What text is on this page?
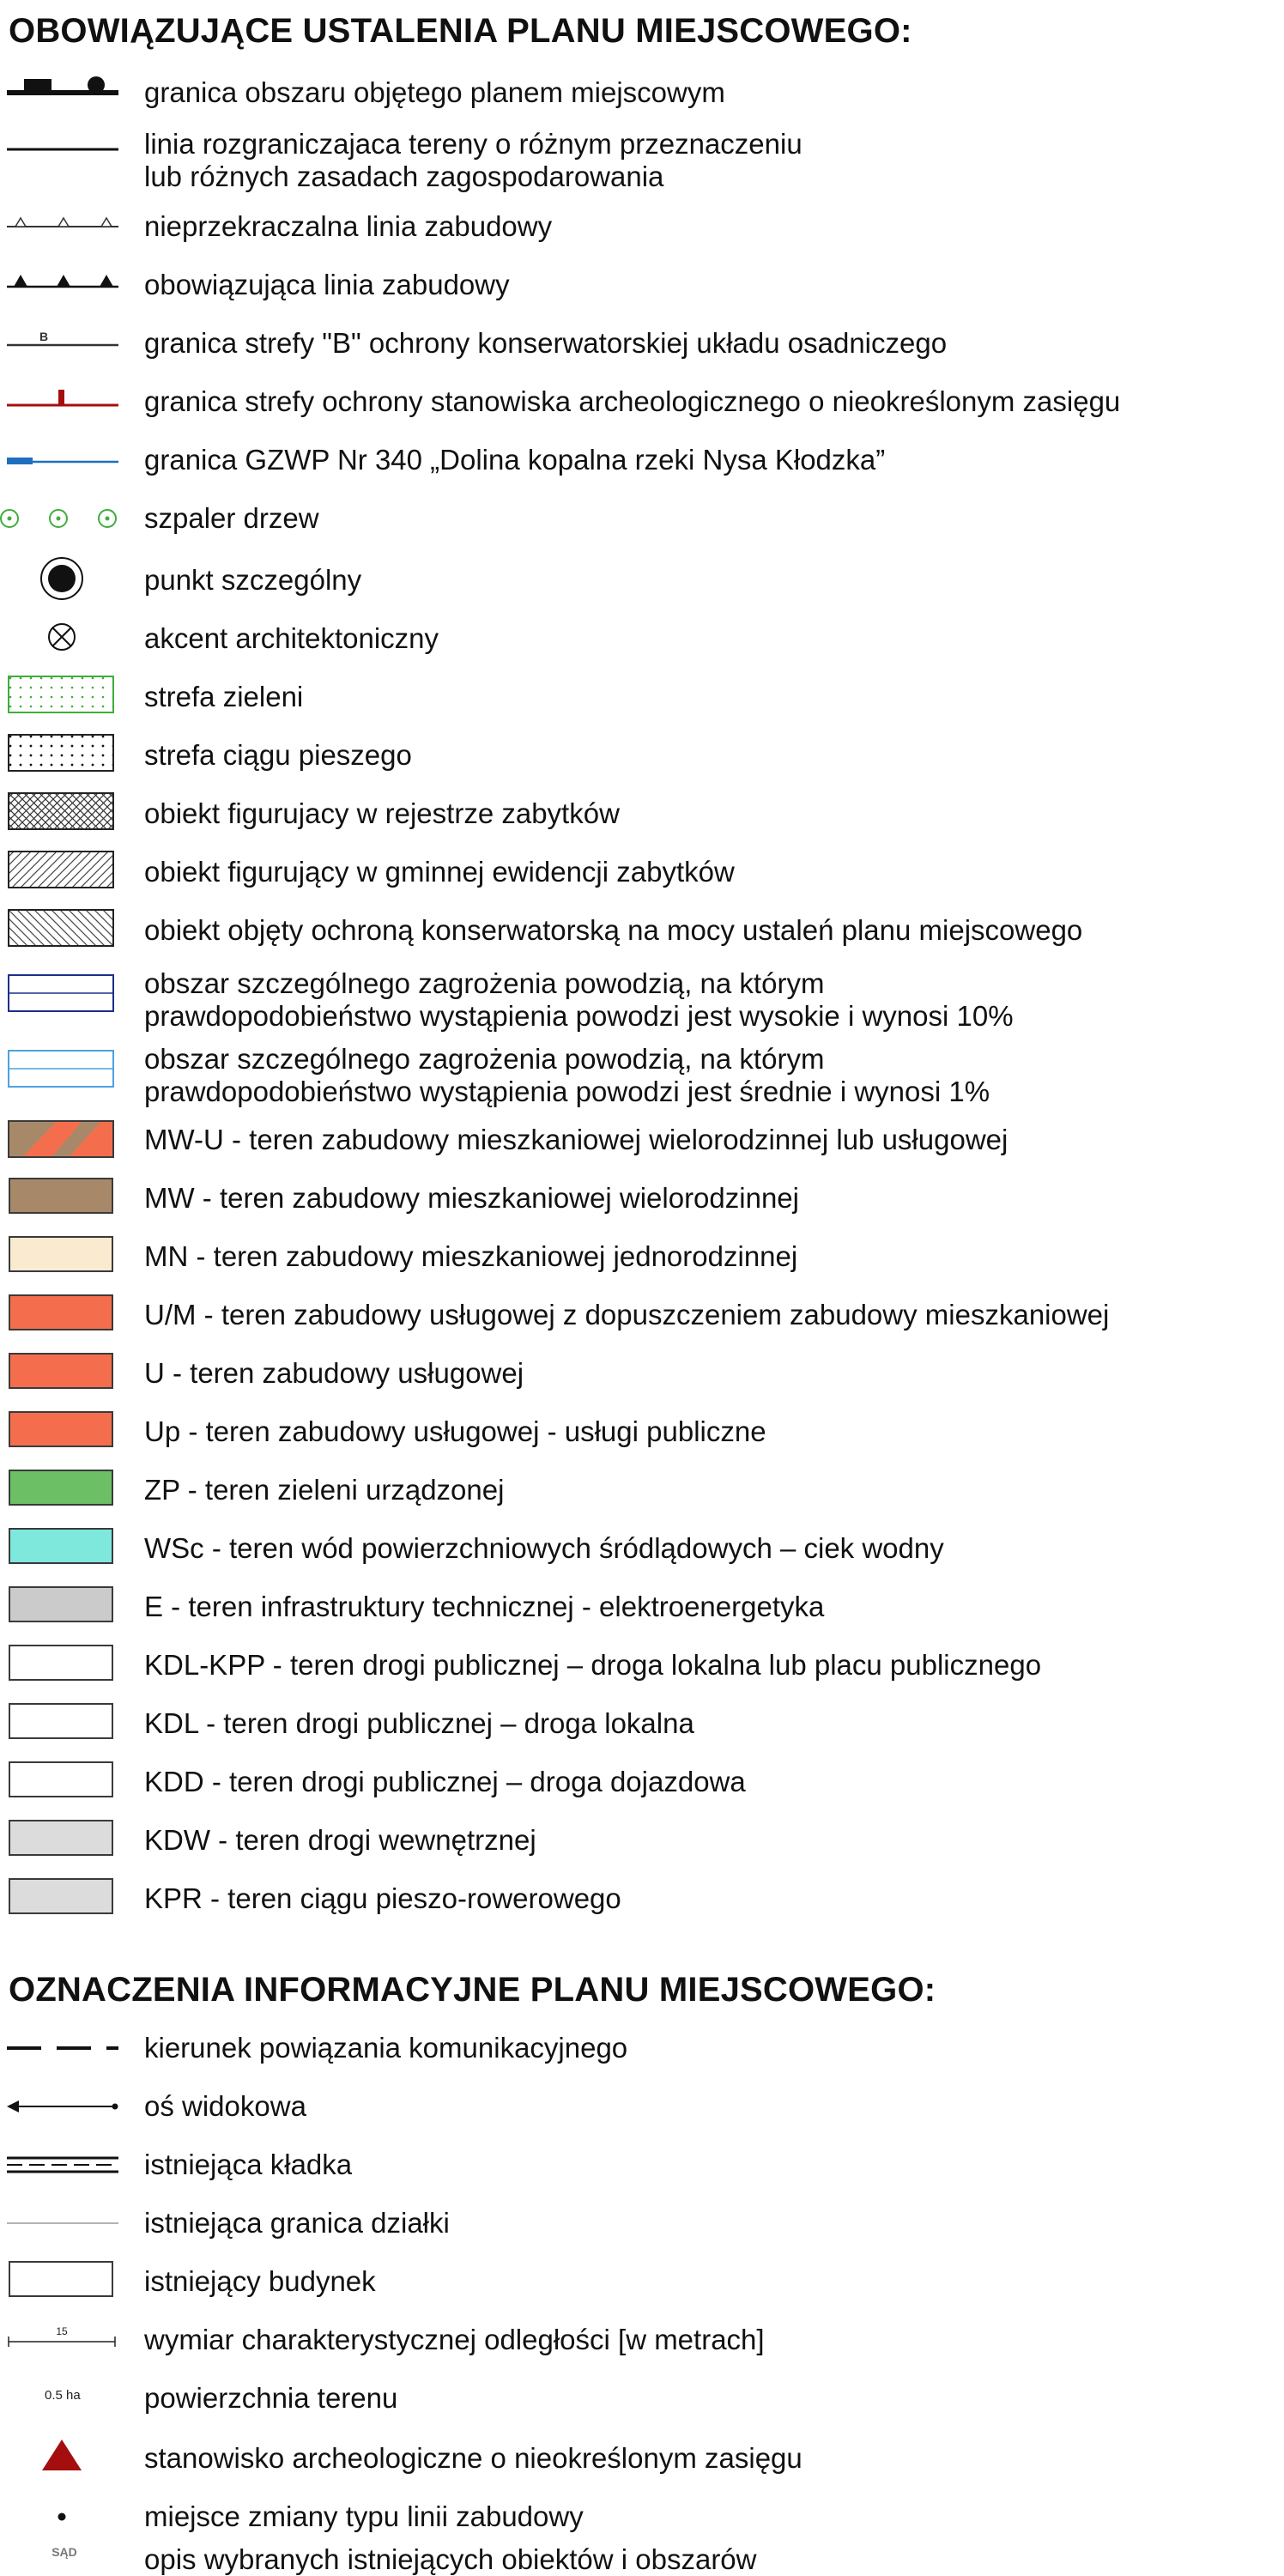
OBOWIĄZUJĄCE USTALENIA PLANU MIEJSCOWEGO:
granica obszaru objętego planem miejscowym
linia rozgraniczajaca tereny o różnym przeznaczeniu
lub różnych zasadach zagospodarowania
nieprzekraczalna linia zabudowy
obowiązująca linia zabudowy
B	granica strefy "B" ochrony konserwatorskiej układu osadniczego
granica strefy ochrony stanowiska archeologicznego o nieokreślonym zasięgu
granica GZWP Nr 340 „Dolina kopalna rzeki Nysa Kłodzka”
szpaler drzew
punkt szczególny
akcent architektoniczny
strefa zieleni
strefa ciągu pieszego
obiekt figurujacy w rejestrze zabytków
obiekt figurujący w gminnej ewidencji zabytków
obiekt objęty ochroną konserwatorską na mocy ustaleń planu miejscowego
obszar szczególnego zagrożenia powodzią, na którym
prawdopodobieństwo wystąpienia powodzi jest wysokie i wynosi 10%
obszar szczególnego zagrożenia powodzią, na którym
prawdopodobieństwo wystąpienia powodzi jest średnie i wynosi 1%
MW-U - teren zabudowy mieszkaniowej wielorodzinnej lub usługowej
MW - teren zabudowy mieszkaniowej wielorodzinnej
MN - teren zabudowy mieszkaniowej jednorodzinnej
U/M - teren zabudowy usługowej z dopuszczeniem zabudowy mieszkaniowej
U - teren zabudowy usługowej
Up - teren zabudowy usługowej - usługi publiczne
ZP - teren zieleni urządzonej
WSc - teren wód powierzchniowych śródlądowych – ciek wodny
E - teren infrastruktury technicznej - elektroenergetyka
KDL-KPP - teren drogi publicznej – droga lokalna lub placu publicznego
KDL - teren drogi publicznej – droga lokalna
KDD - teren drogi publicznej – droga dojazdowa
KDW - teren drogi wewnętrznej
KPR - teren ciągu pieszo-rowerowego
OZNACZENIA INFORMACYJNE PLANU MIEJSCOWEGO:
kierunek powiązania komunikacyjnego
oś widokowa
istniejąca kładka
istniejąca granica działki
istniejący budynek
15	wymiar charakterystycznej odległości [w metrach]
0.5 ha powierzchnia terenu
stanowisko archeologiczne o nieokreślonym zasięgu
miejsce zmiany typu linii zabudowy
SĄD	opis wybranych istniejących obiektów i obszarów
